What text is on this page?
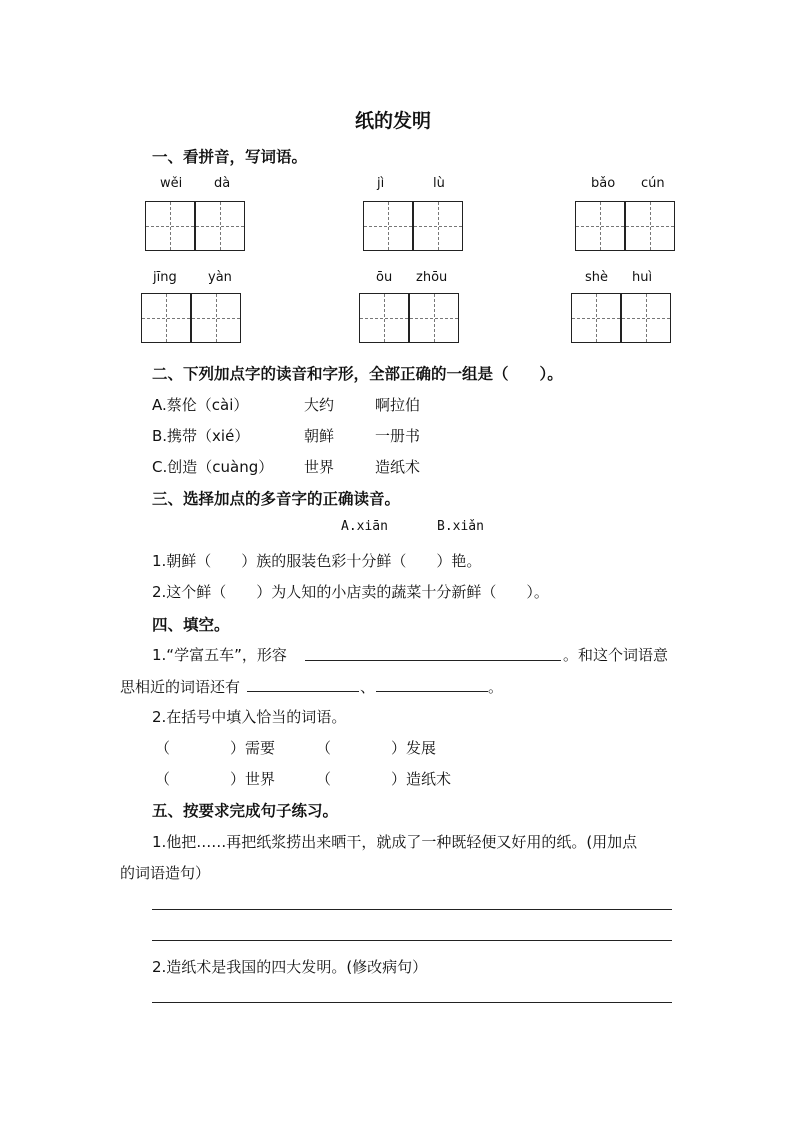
纸的发明
一、看拼音，写词语。
wěi dà	jì	lù	bǎo cún
jīng yàn	ōu zhōu	shè huì
二、下列加点字的读音和字形，全部正确的一组是（　　）。
A.蔡伦（cài）	大约	啊拉伯
B.携带（xié）	朝鲜	一册书
C.创造（cuàng） 世界	造纸术
三、选择加点的多音字的正确读音。
A.xiān	B.xiǎn
1.朝鲜（　　）族的服装色彩十分鲜（　　）艳。
2.这个鲜（　　）为人知的小店卖的蔬菜十分新鲜（　　）。
四、填空。
1.“学富五车”，形容	。和这个词语意
思相近的词语还有	、	。
2.在括号中填入恰当的词语。
（　　　　）需要	（　　　　）发展
（　　　　）世界	（　　　　）造纸术
五、按要求完成句子练习。
1.他把……再把纸浆捞出来晒干，就成了一种既轻便又好用的纸。(用加点
的词语造句）
2.造纸术是我国的四大发明。(修改病句）
